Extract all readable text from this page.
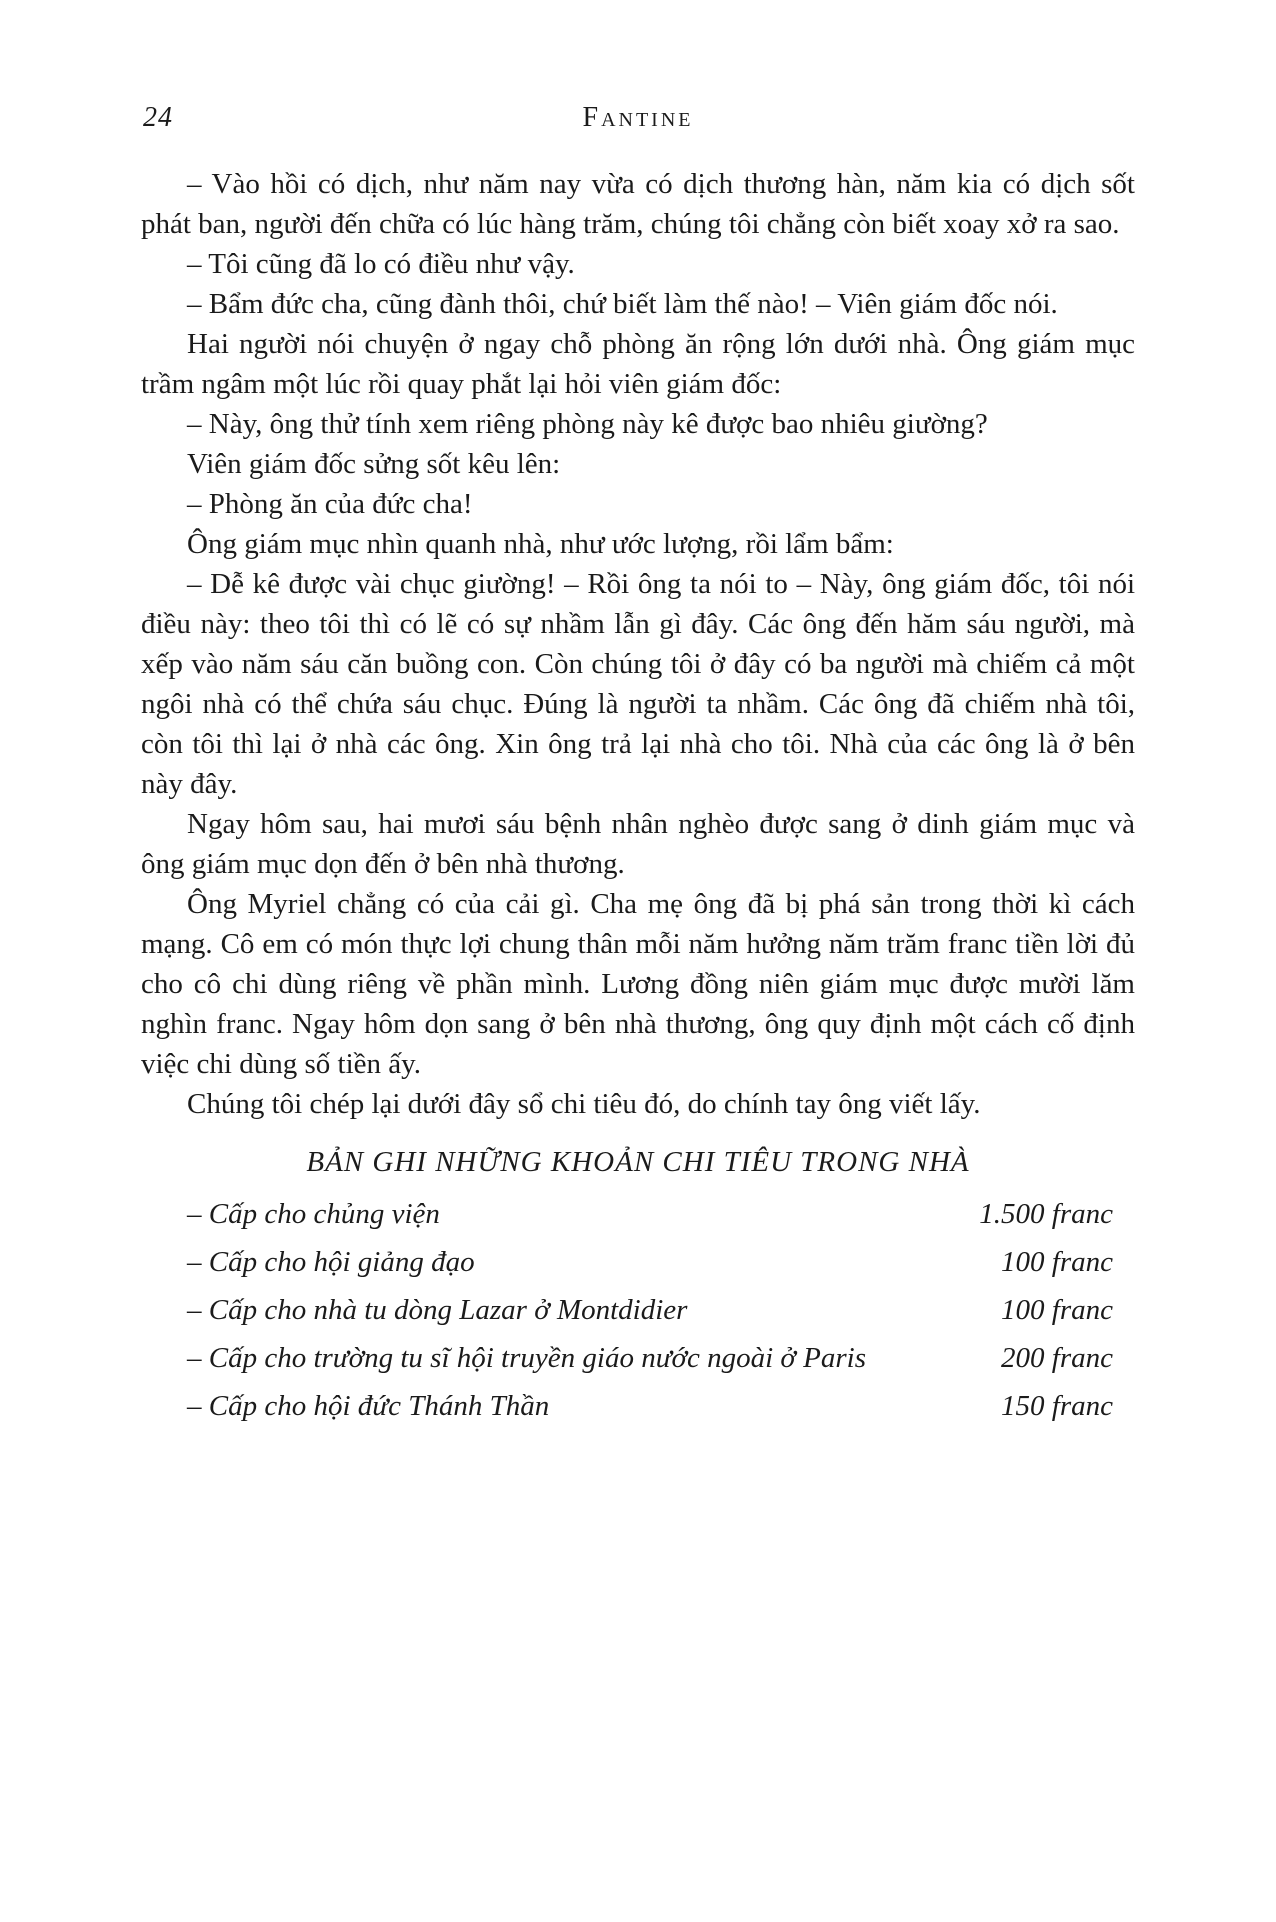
24	Fantine

– Vào hồi có dịch, như năm nay vừa có dịch thương hàn, năm kia có dịch sốt phát ban, người đến chữa có lúc hàng trăm, chúng tôi chẳng còn biết xoay xở ra sao.

– Tôi cũng đã lo có điều như vậy.

– Bẩm đức cha, cũng đành thôi, chứ biết làm thế nào! – Viên giám đốc nói.

Hai người nói chuyện ở ngay chỗ phòng ăn rộng lớn dưới nhà. Ông giám mục trầm ngâm một lúc rồi quay phắt lại hỏi viên giám đốc:

– Này, ông thử tính xem riêng phòng này kê được bao nhiêu giường?

Viên giám đốc sửng sốt kêu lên:

– Phòng ăn của đức cha!

Ông giám mục nhìn quanh nhà, như ước lượng, rồi lẩm bẩm:

– Dễ kê được vài chục giường! – Rồi ông ta nói to – Này, ông giám đốc, tôi nói điều này: theo tôi thì có lẽ có sự nhầm lẫn gì đây. Các ông đến hăm sáu người, mà xếp vào năm sáu căn buồng con. Còn chúng tôi ở đây có ba người mà chiếm cả một ngôi nhà có thể chứa sáu chục. Đúng là người ta nhầm. Các ông đã chiếm nhà tôi, còn tôi thì lại ở nhà các ông. Xin ông trả lại nhà cho tôi. Nhà của các ông là ở bên này đây.

Ngay hôm sau, hai mươi sáu bệnh nhân nghèo được sang ở dinh giám mục và ông giám mục dọn đến ở bên nhà thương.

Ông Myriel chẳng có của cải gì. Cha mẹ ông đã bị phá sản trong thời kì cách mạng. Cô em có món thực lợi chung thân mỗi năm hưởng năm trăm franc tiền lời đủ cho cô chi dùng riêng về phần mình. Lương đồng niên giám mục được mười lăm nghìn franc. Ngay hôm dọn sang ở bên nhà thương, ông quy định một cách cố định việc chi dùng số tiền ấy.

Chúng tôi chép lại dưới đây sổ chi tiêu đó, do chính tay ông viết lấy.

BẢN GHI NHỮNG KHOẢN CHI TIÊU TRONG NHÀ
– Cấp cho chủng viện	1.500 franc
– Cấp cho hội giảng đạo	100 franc
– Cấp cho nhà tu dòng Lazar ở Montdidier	100 franc
– Cấp cho trường tu sĩ hội truyền giáo nước ngoài ở Paris	200 franc
– Cấp cho hội đức Thánh Thần	150 franc
